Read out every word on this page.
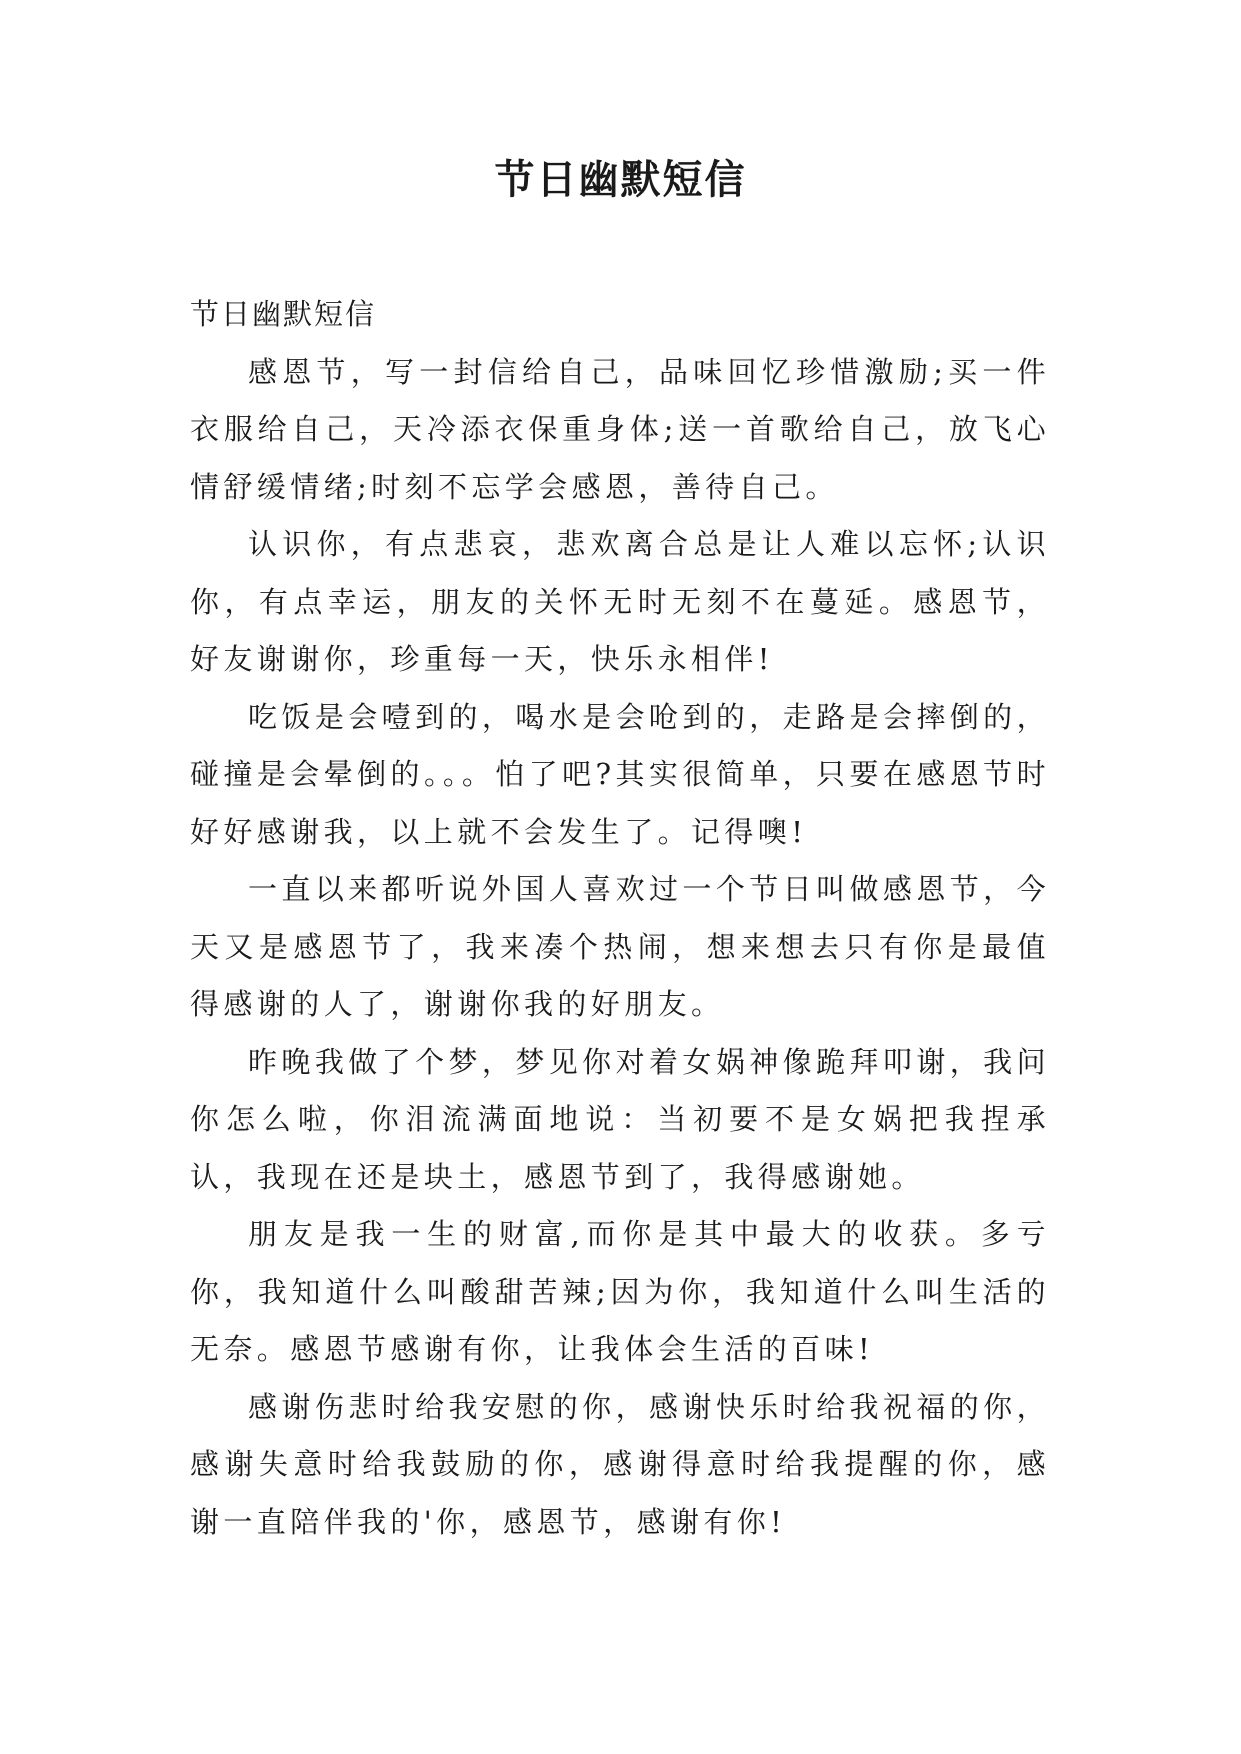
节日幽默短信

节日幽默短信

感恩节，写一封信给自己，品味回忆珍惜激励;买一件衣服给自己，天冷添衣保重身体;送一首歌给自己，放飞心情舒缓情绪;时刻不忘学会感恩，善待自己。

认识你，有点悲哀，悲欢离合总是让人难以忘怀;认识你，有点幸运，朋友的关怀无时无刻不在蔓延。感恩节，好友谢谢你，珍重每一天，快乐永相伴!

吃饭是会噎到的，喝水是会呛到的，走路是会摔倒的，碰撞是会晕倒的。。。怕了吧?其实很简单，只要在感恩节时好好感谢我，以上就不会发生了。记得噢!

一直以来都听说外国人喜欢过一个节日叫做感恩节，今天又是感恩节了，我来凑个热闹，想来想去只有你是最值得感谢的人了，谢谢你我的好朋友。

昨晚我做了个梦，梦见你对着女娲神像跪拜叩谢，我问你怎么啦，你泪流满面地说：当初要不是女娲把我捏承认，我现在还是块土，感恩节到了，我得感谢她。

朋友是我一生的财富,而你是其中最大的收获。多亏你，我知道什么叫酸甜苦辣;因为你，我知道什么叫生活的无奈。感恩节感谢有你，让我体会生活的百味!

感谢伤悲时给我安慰的你，感谢快乐时给我祝福的你，感谢失意时给我鼓励的你，感谢得意时给我提醒的你，感谢一直陪伴我的'你，感恩节，感谢有你!
